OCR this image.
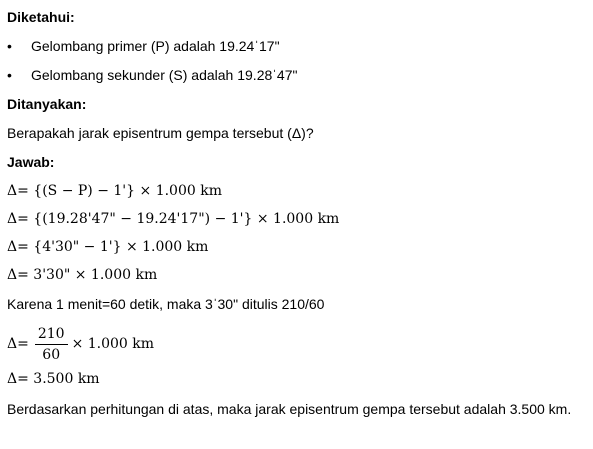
Diketahui:
• Gelombang primer (P) adalah 19.24ˈ17"
• Gelombang sekunder (S) adalah 19.28ˈ47"
Ditanyakan:
Berapakah jarak episentrum gempa tersebut (Δ)?
Jawab:
Δ= {(S − P) − 1'} × 1.000 km
Δ= {(19.28'47" − 19.24'17") − 1'} × 1.000 km
Δ= {4'30" − 1'} × 1.000 km
Δ= 3'30" × 1.000 km
Karena 1 menit=60 detik, maka 3ˈ30" ditulis 210/60
$\Delta= \frac{210}{60} \times 1.000$ km
Δ= 3.500 km
Berdasarkan perhitungan di atas, maka jarak episentrum gempa tersebut adalah 3.500 km.
